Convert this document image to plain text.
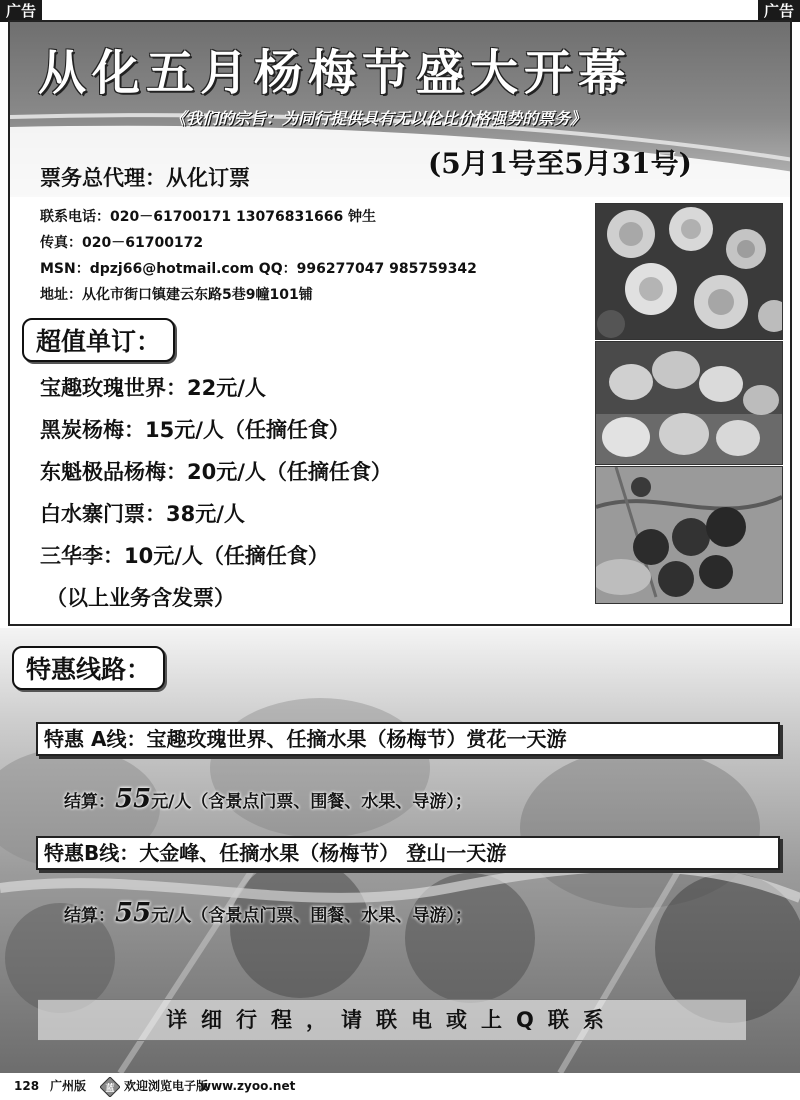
广告	广告
从化五月杨梅节盛大开幕
《我们的宗旨：为同行提供具有无以伦比价格强势的票务》
(5月1号至5月31号)
票务总代理：从化订票
联系电话：020－61700171 13076831666 钟生
传真：020－61700172
MSN：dpzj66@hotmail.com QQ：996277047 985759342
地址：从化市街口镇建云东路5巷9幢101铺
超值单订：
宝趣玫瑰世界：22元/人
黑炭杨梅：15元/人（任摘任食）
东魁极品杨梅：20元/人（任摘任食）
白水寨门票：38元/人
三华李：10元/人（任摘任食）
（以上业务含发票）
特惠线路：
特惠 A线：宝趣玫瑰世界、任摘水果（杨梅节）赏花一天游
结算：55元/人（含景点门票、围餐、水果、导游）；
特惠B线：大金峰、任摘水果（杨梅节） 登山一天游
结算：55元/人（含景点门票、围餐、水果、导游）；
详细行程，请联电或上Q联系
128 广州版 蓝 欢迎浏览电子版
www.zyoo.net
